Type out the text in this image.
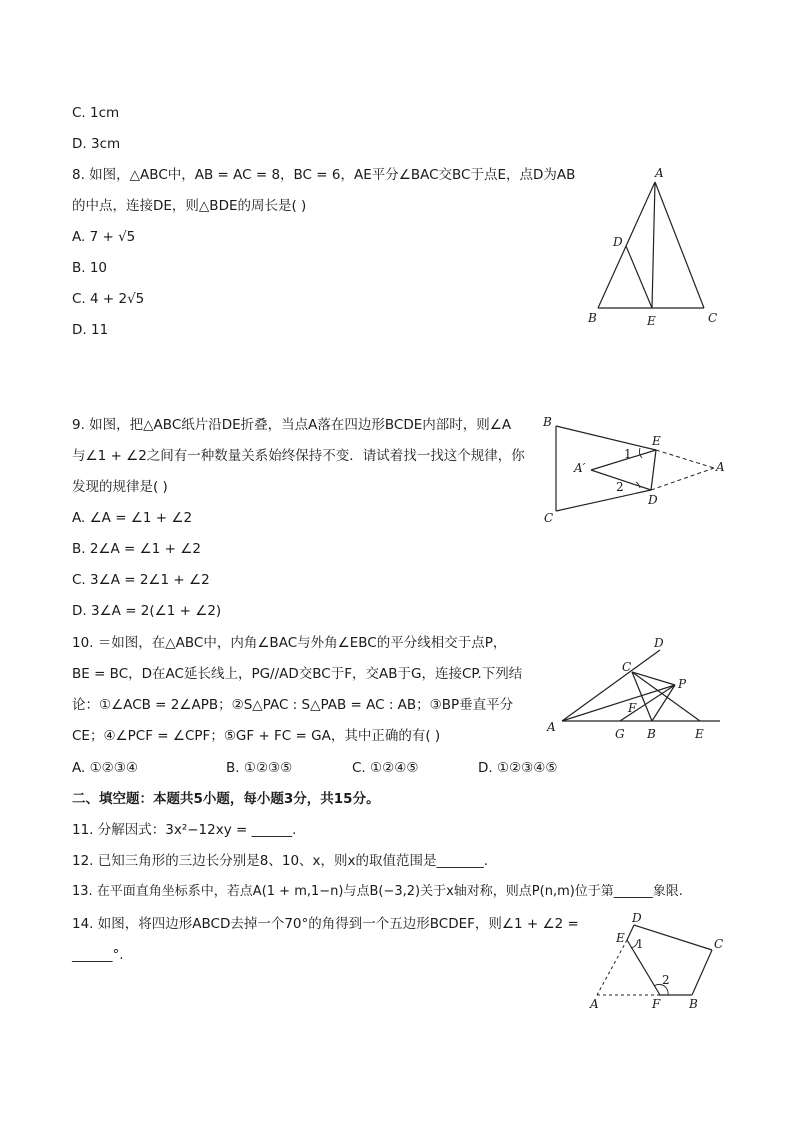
C. 1cm
D. 3cm
8. 如图，△ABC中，AB = AC = 8，BC = 6，AE平分∠BAC交BC于点E，点D为AB
的中点，连接DE，则△BDE的周长是( )
A. 7 + √5
B. 10
C. 4 + 2√5
D. 11
A
D
B	E	C
9. 如图，把△ABC纸片沿DE折叠，当点A落在四边形BCDE内部时，则∠A
与∠1 + ∠2之间有一种数量关系始终保持不变．请试着找一找这个规律，你
发现的规律是( )
A. ∠A = ∠1 + ∠2
B. 2∠A = ∠1 + ∠2
C. 3∠A = 2∠1 + ∠2
D. 3∠A = 2(∠1 + ∠2)
B
C
E
D
A′	A
1
2
10. ＝如图，在△ABC中，内角∠BAC与外角∠EBC的平分线相交于点P，
BE = BC，D在AC延长线上，PG//AD交BC于F，交AB于G，连接CP.下列结
论：①∠ACB = 2∠APB；②S△PAC : S△PAB = AC : AB；③BP垂直平分
CE；④∠PCF = ∠CPF；⑤GF + FC = GA，其中正确的有( )
A. ①②③④	B. ①②③⑤	C. ①②④⑤	D. ①②③④⑤
D
C
P
F
A	G B	E
二、填空题：本题共5小题，每小题3分，共15分。
11. 分解因式：3x²−12xy = ______.
12. 已知三角形的三边长分别是8、10、x，则x的取值范围是_______.
13. 在平面直角坐标系中，若点A(1 + m,1−n)与点B(−3,2)关于x轴对称，则点P(n,m)位于第______象限.
14. 如图，将四边形ABCD去掉一个70°的角得到一个五边形BCDEF，则∠1 + ∠2 =
______°.
D
E	C
1
2
A	F B
